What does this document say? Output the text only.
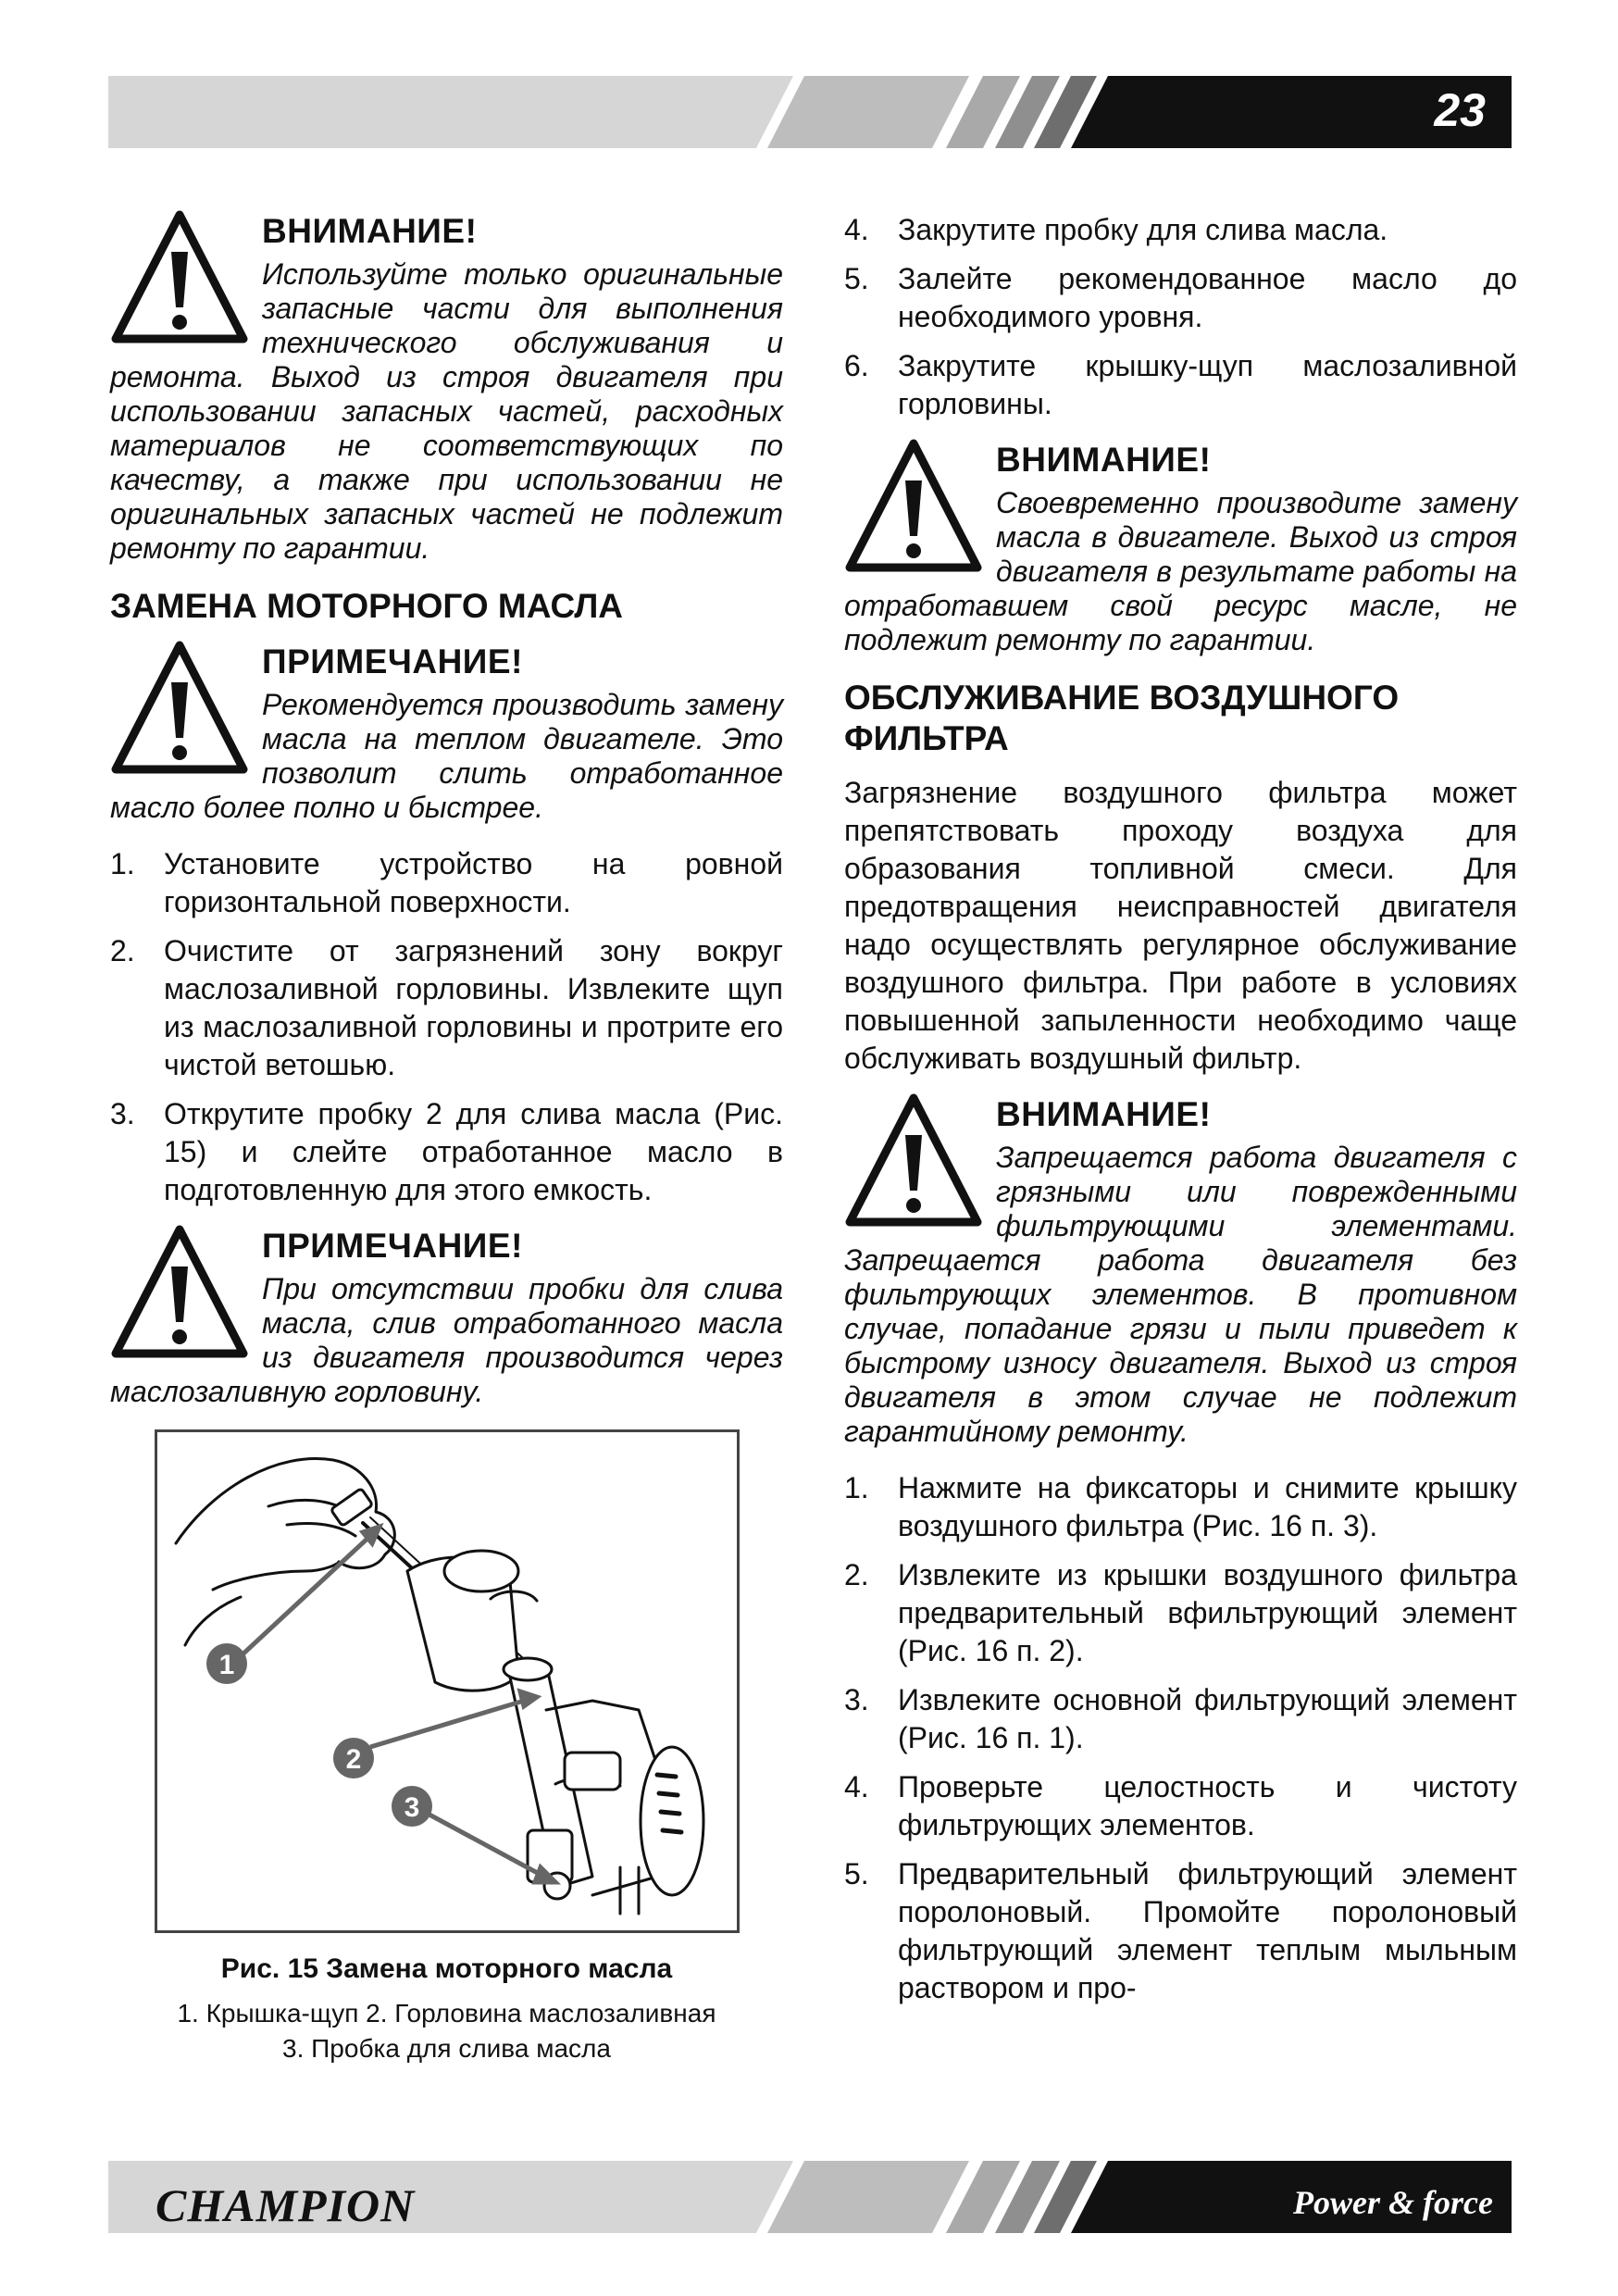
23
ВНИМАНИЕ!

Используйте только оригинальные запасные части для выполнения технического обслуживания и ремонта. Выход из строя двигателя при использовании запасных частей, расходных материалов не соответствующих по качеству, а также при использовании не оригинальных запасных частей не подлежит ремонту по гарантии.

ЗАМЕНА МОТОРНОГО МАСЛА
ПРИМЕЧАНИЕ!

Рекомендуется производить замену масла на теплом двигателе. Это позволит слить отработанное масло более полно и быстрее.

1. Установите устройство на ровной горизонтальной поверхности.
2. Очистите от загрязнений зону вокруг маслозаливной горловины. Извлеките щуп из маслозаливной горловины и протрите его чистой ветошью.
3. Открутите пробку 2 для слива масла (Рис. 15) и слейте отработанное масло в подготовленную для этого емкость.
ПРИМЕЧАНИЕ!

При отсутствии пробки для слива масла, слив отработанного масла из двигателя производится через маслозаливную горловину.

1
2
3
Рис. 15 Замена моторного масла
1. Крышка-щуп 2. Горловина маслозаливная
3. Пробка для слива масла
4. Закрутите пробку для слива масла.
5. Залейте рекомендованное масло до необходимого уровня.
6. Закрутите крышку-щуп маслозаливной горловины.
ВНИМАНИЕ!

Своевременно производите замену масла в двигателе. Выход из строя двигателя в результате работы на отработавшем свой ресурс масле, не подлежит ремонту по гарантии.

ОБСЛУЖИВАНИЕ ВОЗДУШНОГО ФИЛЬТРА

Загрязнение воздушного фильтра может препятствовать проходу воздуха для образования топливной смеси. Для предотвращения неисправностей двигателя надо осуществлять регулярное обслуживание воздушного фильтра. При работе в условиях повышенной запыленности необходимо чаще обслуживать воздушный фильтр.

ВНИМАНИЕ!

Запрещается работа двигателя с грязными или поврежденными фильтрующими элементами. Запрещается работа двигателя без фильтрующих элементов. В противном случае, попадание грязи и пыли приведет к быстрому износу двигателя. Выход из строя двигателя в этом случае не подлежит гарантийному ремонту.

1. Нажмите на фиксаторы и снимите крышку воздушного фильтра (Рис. 16 п. 3).
2. Извлеките из крышки воздушного фильтра предварительный вфильтрующий элемент (Рис. 16 п. 2).
3. Извлеките основной фильтрующий элемент (Рис. 16 п. 1).
4. Проверьте целостность и чистоту фильтрующих элементов.
5. Предварительный фильтрующий элемент поролоновый. Промойте поролоновый фильтрующий элемент теплым мыльным раствором и про-
CHAMPION	Power & force
